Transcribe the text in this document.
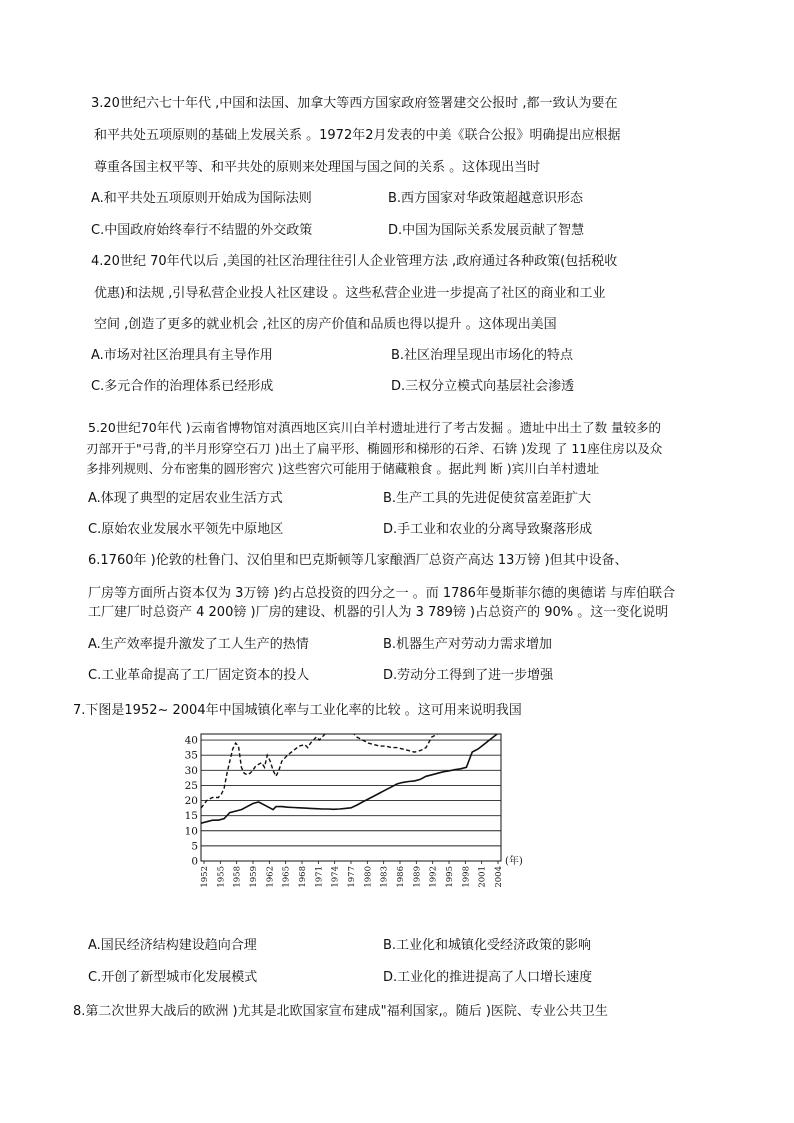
3.20世纪六七十年代 ,中国和法国、加拿大等西方国家政府签署建交公报时 ,都一致认为要在
和平共处五项原则的基础上发展关系 。1972年2月发表的中美《联合公报》明确提出应根据
尊重各国主权平等、和平共处的原则来处理国与国之间的关系 。这体现出当时
A.和平共处五项原则开始成为国际法则	B.西方国家对华政策超越意识形态
C.中国政府始终奉行不结盟的外交政策	D.中国为国际关系发展贡献了智慧
4.20世纪 70年代以后 ,美国的社区治理往往引人企业管理方法 ,政府通过各种政策(包括税收
优惠)和法规 ,引导私营企业投人社区建设 。这些私营企业进一步提高了社区的商业和工业
空间 ,创造了更多的就业机会 ,社区的房产价值和品质也得以提升 。这体现出美国
A.市场对社区治理具有主导作用	B.社区治理呈现出市场化的特点
C.多元合作的治理体系已经形成	D.三权分立模式向基层社会渗透
5.20世纪70年代 )云南省博物馆对滇西地区宾川白羊村遗址进行了考古发掘 。遗址中出土了数 量较多的
刃部开于"弓背,的半月形穿空石刀 )出土了扁平形、椭圆形和梯形的石斧、石锛 )发现 了 11座住房以及众
多排列规则、分布密集的圆形窖穴 )这些窖穴可能用于储藏粮食 。据此判 断 )宾川白羊村遗址
A.体现了典型的定居农业生活方式	B.生产工具的先进促使贫富差距扩大
C.原始农业发展水平领先中原地区	D.手工业和农业的分离导致聚落形成
6.1760年 )伦敦的杜鲁门、汉伯里和巴克斯顿等几家酿酒厂总资产高达 13万镑 )但其中设备、
厂房等方面所占资本仅为 3万镑 )约占总投资的四分之一 。而 1786年曼斯菲尔德的奥德诺 与库伯联合
工厂建厂时总资产 4 200镑 )厂房的建设、机器的引人为 3 789镑 )占总资产的 90% 。这一变化说明
A.生产效率提升激发了工人生产的热情	B.机器生产对劳动力需求增加
C.工业革命提高了工厂固定资本的投人	D.劳动分工得到了进一步增强
7.下图是1952~ 2004年中国城镇化率与工业化率的比较 。这可用来说明我国
0
5
10
15
20
25
30
35
40
1952 1955 1958 1959 1962 1965 1968 1971 1974 1977 1980 1983 1986 1989 1992 1995 1998 2001 2004
(年)
A.国民经济结构建设趋向合理	B.工业化和城镇化受经济政策的影响
C.开创了新型城市化发展模式	D.工业化的推进提高了人口增长速度
8.第二次世界大战后的欧洲 )尤其是北欧国家宣布建成"福利国家,。随后 )医院、专业公共卫生
